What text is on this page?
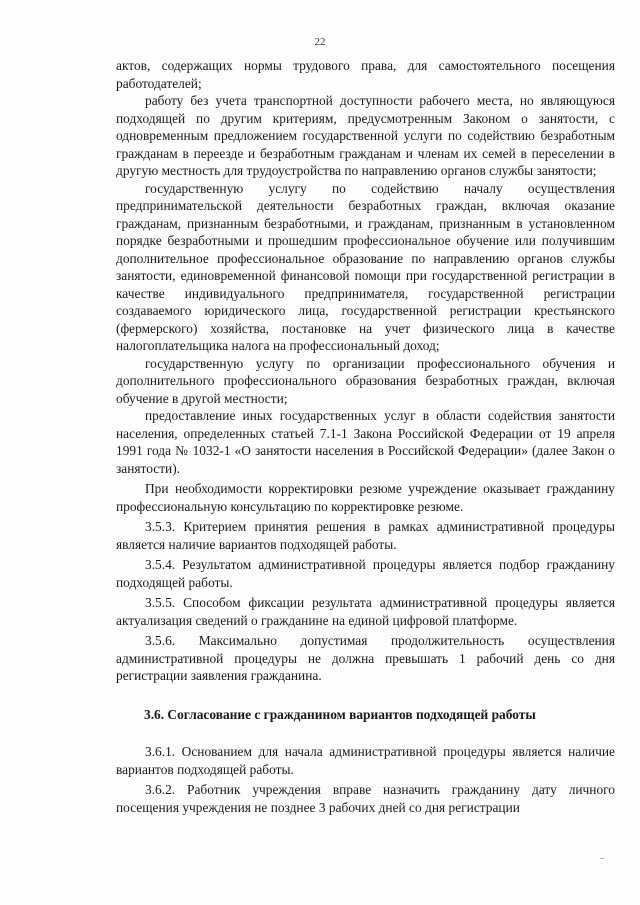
22

актов, содержащих нормы трудового права, для самостоятельного посещения работодателей;

работу без учета транспортной доступности рабочего места, но являющуюся подходящей по другим критериям, предусмотренным Законом о занятости, с одновременным предложением государственной услуги по содействию безработным гражданам в переезде и безработным гражданам и членам их семей в переселении в другую местность для трудоустройства по направлению органов службы занятости;

государственную услугу по содействию началу осуществления предпринимательской деятельности безработных граждан, включая оказание гражданам, признанным безработными, и гражданам, признанным в установленном порядке безработными и прошедшим профессиональное обучение или получившим дополнительное профессиональное образование по направлению органов службы занятости, единовременной финансовой помощи при государственной регистрации в качестве индивидуального предпринимателя, государственной регистрации создаваемого юридического лица, государственной регистрации крестьянского (фермерского) хозяйства, постановке на учет физического лица в качестве налогоплательщика налога на профессиональный доход;

государственную услугу по организации профессионального обучения и дополнительного профессионального образования безработных граждан, включая обучение в другой местности;

предоставление иных государственных услуг в области содействия занятости населения, определенных статьей 7.1-1 Закона Российской Федерации от 19 апреля 1991 года № 1032-1 «О занятости населения в Российской Федерации» (далее Закон о занятости).

При необходимости корректировки резюме учреждение оказывает гражданину профессиональную консультацию по корректировке резюме.

3.5.3. Критерием принятия решения в рамках административной процедуры является наличие вариантов подходящей работы.

3.5.4. Результатом административной процедуры является подбор гражданину подходящей работы.

3.5.5. Способом фиксации результата административной процедуры является актуализация сведений о гражданине на единой цифровой платформе.

3.5.6. Максимально допустимая продолжительность осуществления административной процедуры не должна превышать 1 рабочий день со дня регистрации заявления гражданина.

3.6. Согласование с гражданином вариантов подходящей работы

3.6.1. Основанием для начала административной процедуры является наличие вариантов подходящей работы.

3.6.2. Работник учреждения вправе назначить гражданину дату личного посещения учреждения не позднее 3 рабочих дней со дня регистрации
